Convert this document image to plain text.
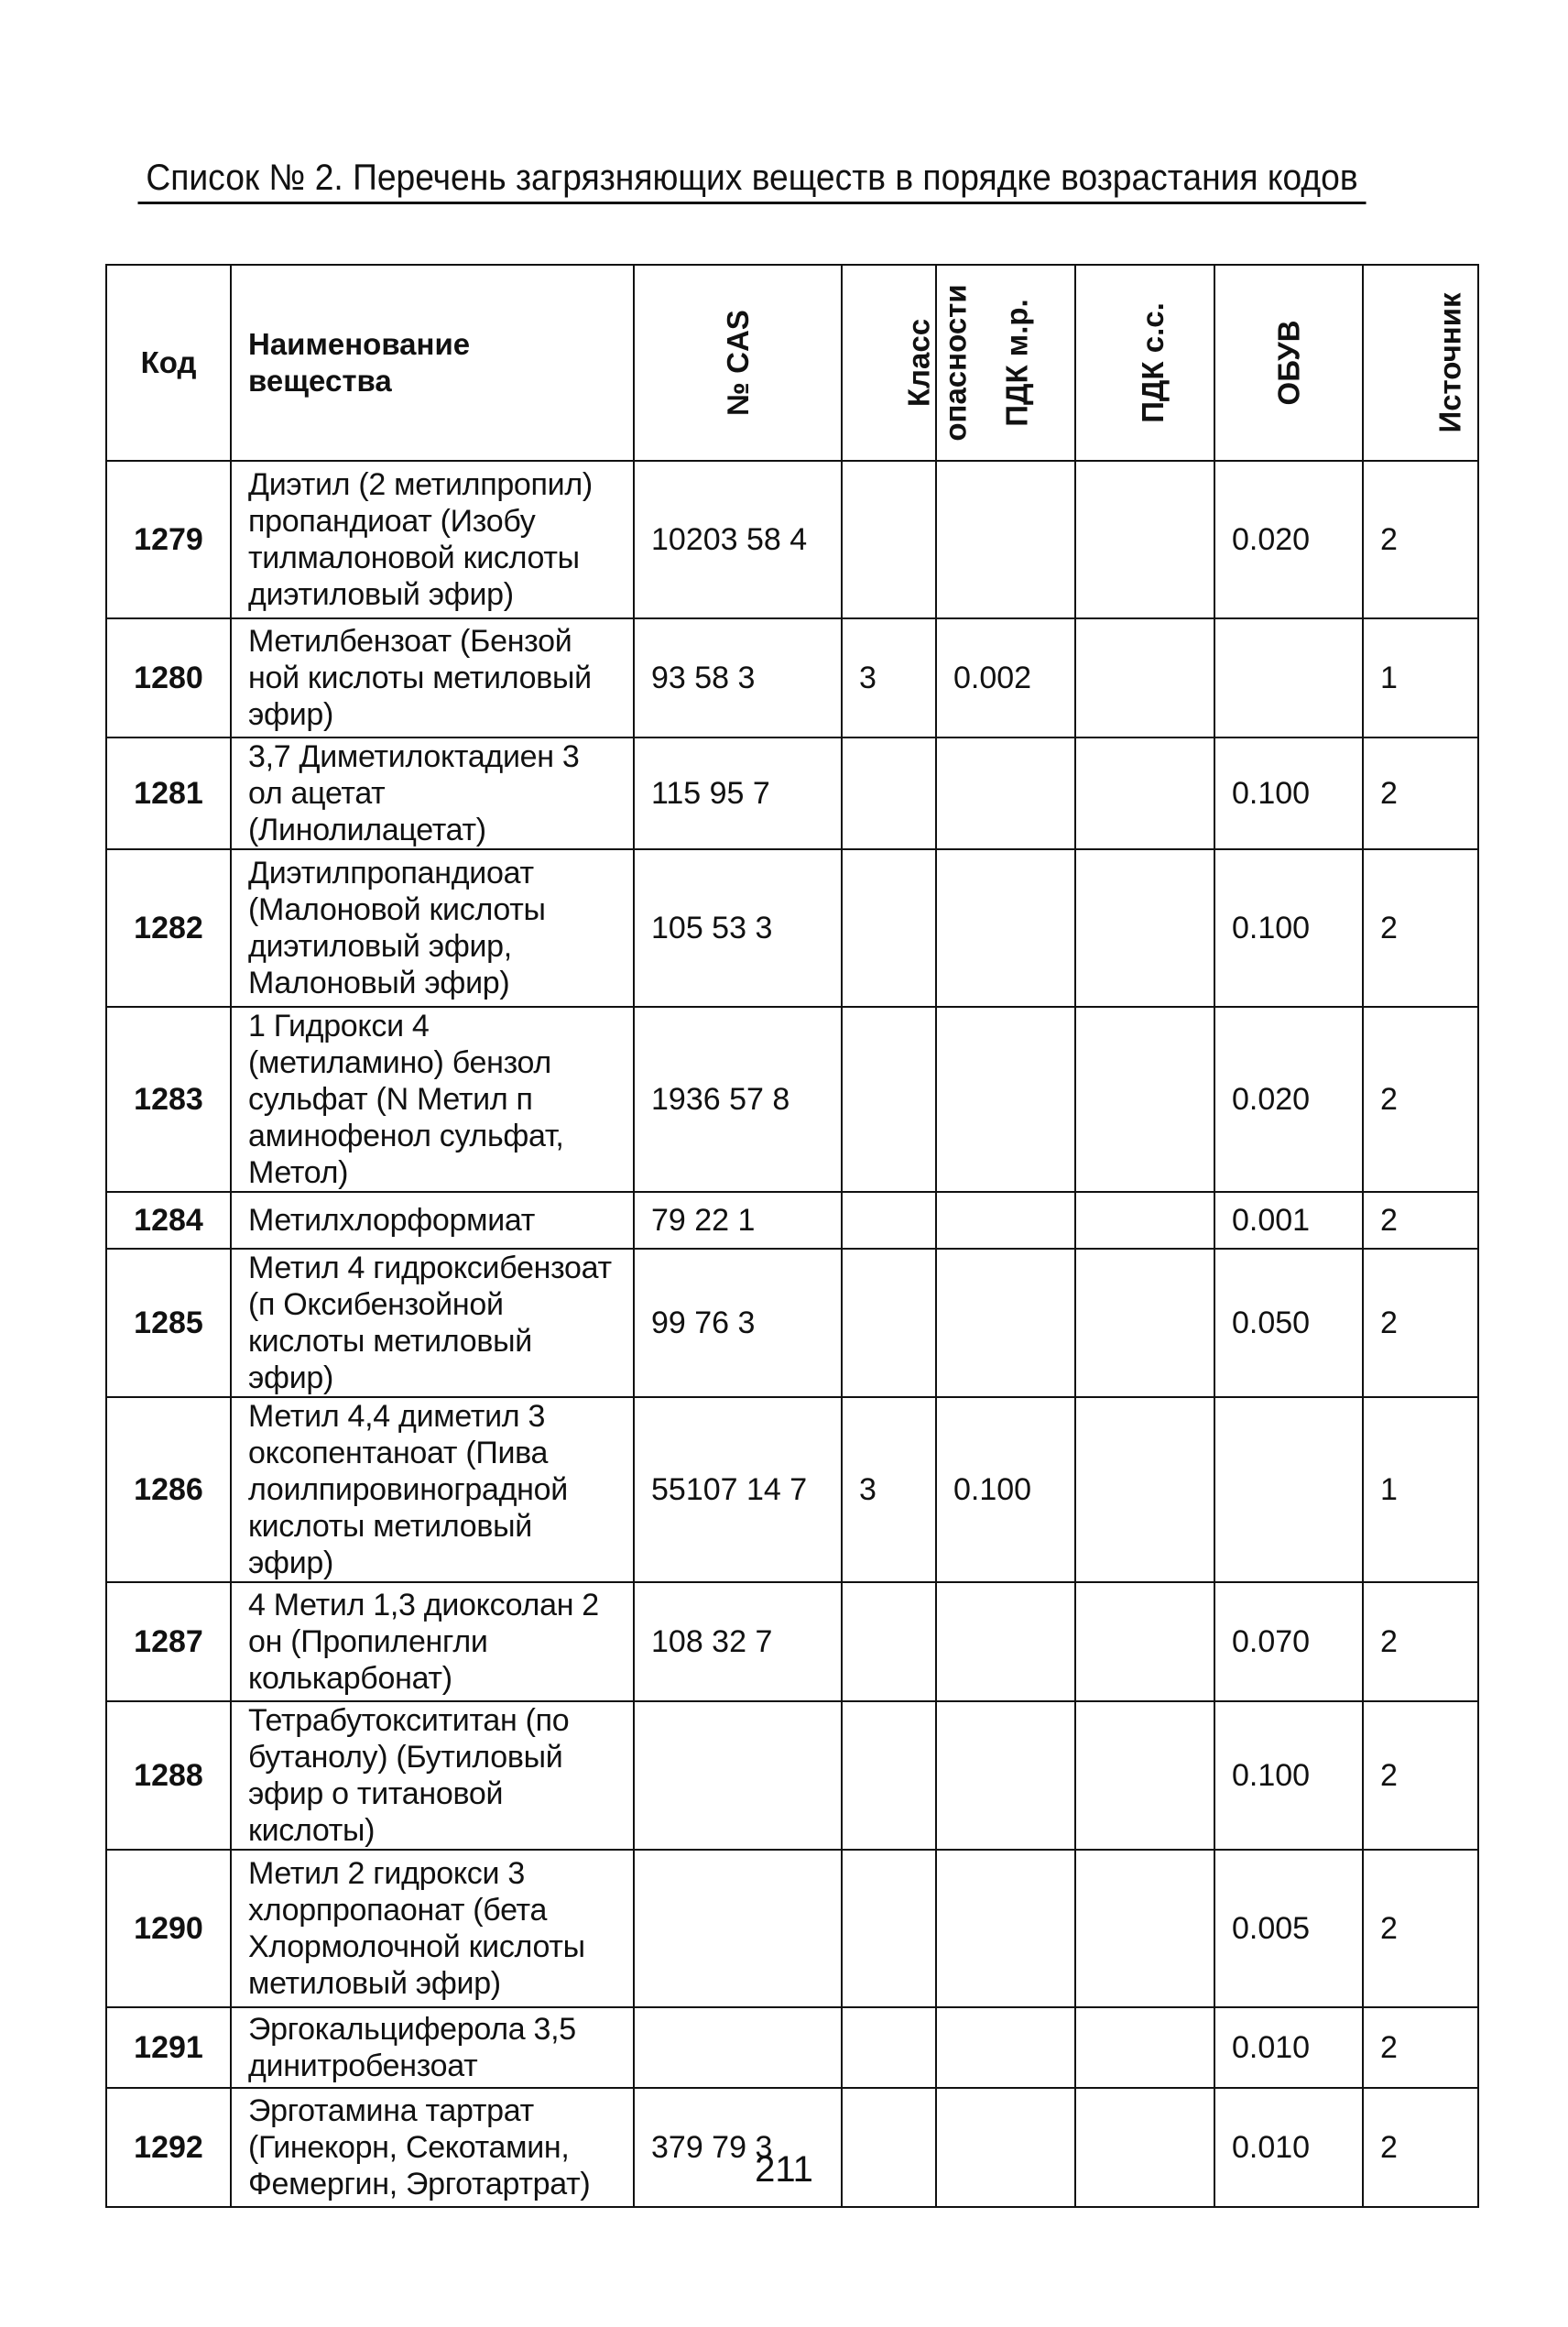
Список № 2. Перечень загрязняющих веществ в порядке возрастания кодов
Код	Наименование вещества	№ CAS	Класс опасности	ПДК м.р.	ПДК с.с.	ОБУВ	Источник

1279	Диэтил (2 метилпропил) пропандиоат (Изобу тилмалоновой кислоты диэтиловый эфир)	10203 58 4				0.020	2
1280	Метилбензоат (Бензой ной кислоты метиловый эфир)	93 58 3	3	0.002			1
1281	3,7 Диметилоктадиен 3 ол ацетат (Линолилацетат)	115 95 7				0.100	2
1282	Диэтилпропандиоат (Малоновой кислоты диэтиловый эфир, Малоновый эфир)	105 53 3				0.100	2
1283	1 Гидрокси 4 (метиламино) бензол сульфат (N Метил п аминофенол сульфат, Метол)	1936 57 8				0.020	2
1284	Метилхлорформиат	79 22 1				0.001	2
1285	Метил 4 гидроксибензоат (п Оксибензойной кислоты метиловый эфир)	99 76 3				0.050	2
1286	Метил 4,4 диметил 3 оксопентаноат (Пива лоилпировиноградной кислоты метиловый эфир)	55107 14 7	3	0.100			1
1287	4 Метил 1,3 диоксолан 2 он (Пропиленгли колькарбонат)	108 32 7				0.070	2
1288	Тетрабутоксититан (по бутанолу) (Бутиловый эфир о титановой кислоты)					0.100	2
1290	Метил 2 гидрокси 3 хлорпропаонат (бета Хлормолочной кислоты метиловый эфир)					0.005	2
1291	Эргокальциферола 3,5 динитробензоат					0.010	2
1292	Эрготамина тартрат (Гинекорн, Секотамин, Фемергин, Эрготартрат)	379 79 3				0.010	2
211
